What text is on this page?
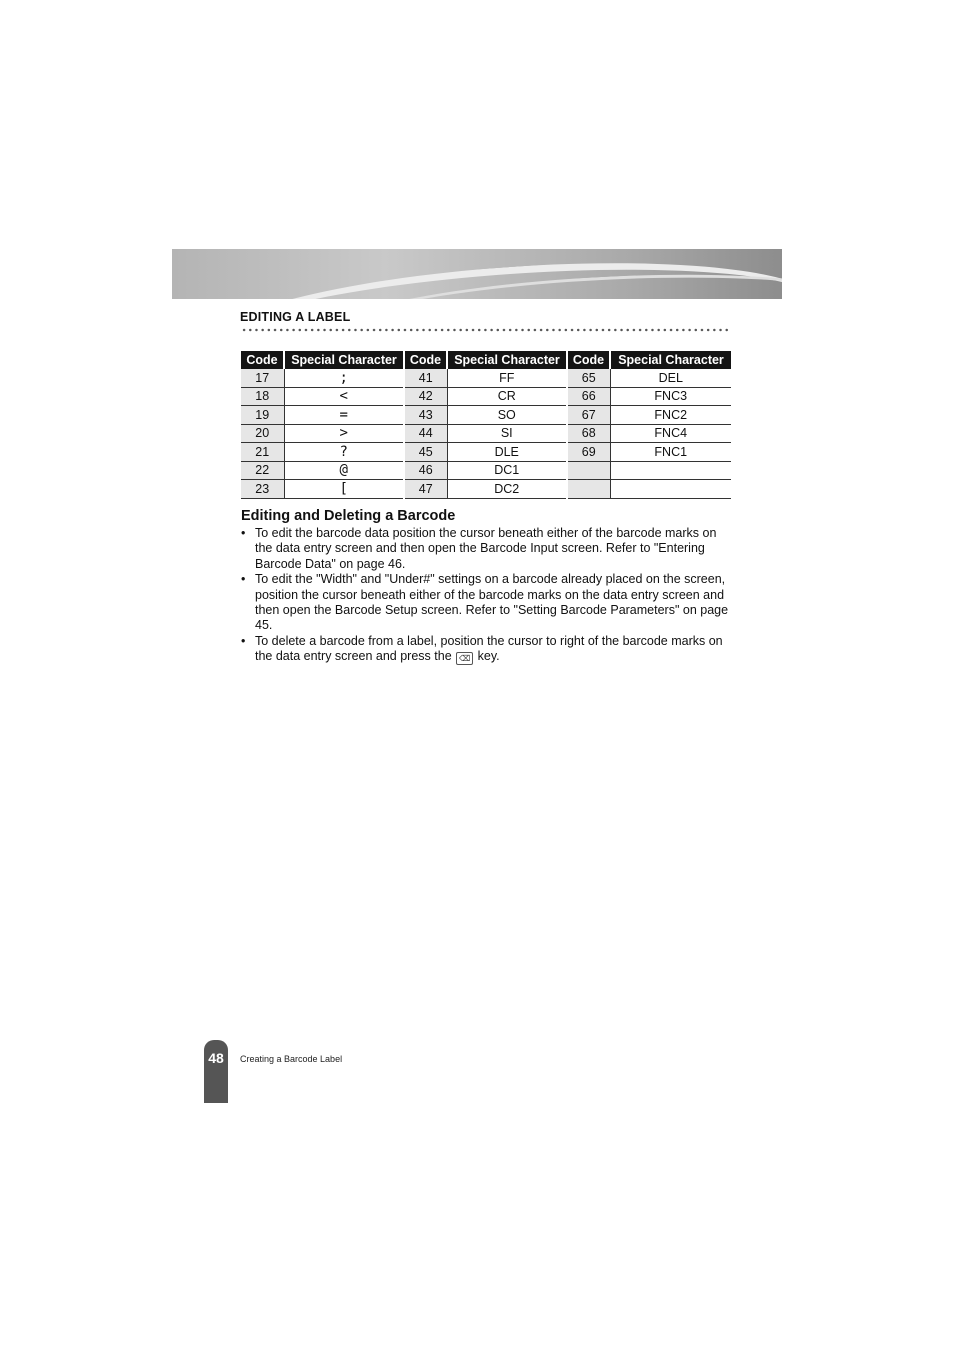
EDITING A LABEL
Code	Special Character	Code	Special Character	Code	Special Character
17	;	41	FF	65	DEL
18	<	42	CR	66	FNC3
19	=	43	SO	67	FNC2
20	>	44	SI	68	FNC4
21	?	45	DLE	69	FNC1
22	@	46	DC1		
23	[	47	DC2		
Editing and Deleting a Barcode
• To edit the barcode data position the cursor beneath either of the barcode marks on the data entry screen and then open the Barcode Input screen. Refer to "Entering Barcode Data" on page 46.
• To edit the "Width" and "Under#" settings on a barcode already placed on the screen, position the cursor beneath either of the barcode marks on the data entry screen and then open the Barcode Setup screen. Refer to "Setting Barcode Parameters" on page 45.
• To delete a barcode from a label, position the cursor to right of the barcode marks on the data entry screen and press the ⌫ key.
48	Creating a Barcode Label
